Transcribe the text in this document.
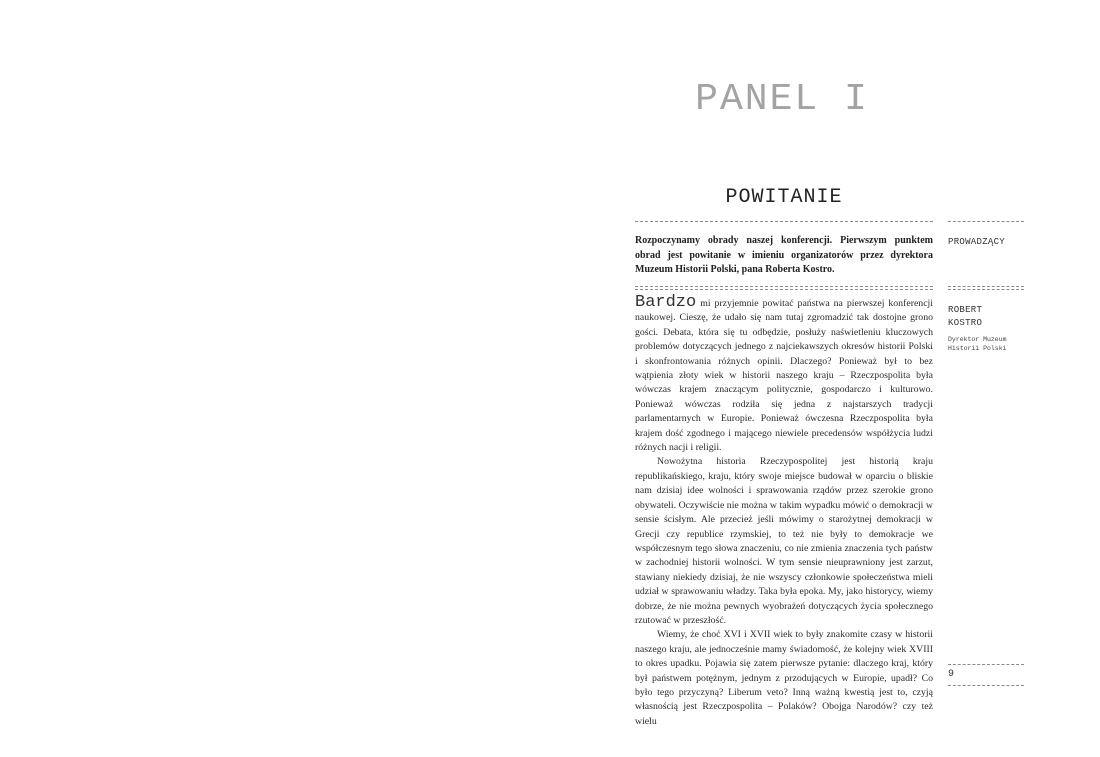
PANEL I
POWITANIE
Rozpoczynamy obrady naszej konferencji. Pierwszym punktem obrad jest powitanie w imieniu organizatorów przez dyrektora Muzeum Historii Polski, pana Roberta Kostro.
PROWADZĄCY
ROBERT
KOSTRO
Dyrektor Muzeum Historii Polski

Bardzo mi przyjemnie powitać państwa na pierwszej konferencji naukowej. Cieszę, że udało się nam tutaj zgromadzić tak dostojne grono gości. Debata, która się tu odbędzie, posłuży naświetleniu kluczowych problemów dotyczących jednego z najciekawszych okresów historii Polski i skonfrontowania różnych opinii. Dlaczego? Ponieważ był to bez wątpienia złoty wiek w historii naszego kraju – Rzeczpospolita była wówczas krajem znaczącym politycznie, gospodarczo i kulturowo. Ponieważ wówczas rodziła się jedna z najstarszych tradycji parlamentarnych w Europie. Ponieważ ówczesna Rzeczpospolita była krajem dość zgodnego i mającego niewiele precedensów współżycia ludzi różnych nacji i religii.

Nowożytna historia Rzeczypospolitej jest historią kraju republikańskiego, kraju, który swoje miejsce budował w oparciu o bliskie nam dzisiaj idee wolności i sprawowania rządów przez szerokie grono obywateli. Oczywiście nie można w takim wypadku mówić o demokracji w sensie ścisłym. Ale przecież jeśli mówimy o starożytnej demokracji w Grecji czy republice rzymskiej, to też nie były to demokracje we współczesnym tego słowa znaczeniu, co nie zmienia znaczenia tych państw w zachodniej historii wolności. W tym sensie nieuprawniony jest zarzut, stawiany niekiedy dzisiaj, że nie wszyscy członkowie społeczeństwa mieli udział w sprawowaniu władzy. Taka była epoka. My, jako historycy, wiemy dobrze, że nie można pewnych wyobrażeń dotyczących życia społecznego rzutować w przeszłość.

Wiemy, że choć XVI i XVII wiek to były znakomite czasy w historii naszego kraju, ale jednocześnie mamy świadomość, że kolejny wiek XVIII to okres upadku. Pojawia się zatem pierwsze pytanie: dlaczego kraj, który był państwem potężnym, jednym z przodujących w Europie, upadł? Co było tego przyczyną? Liberum veto? Inną ważną kwestią jest to, czyją własnością jest Rzeczpospolita – Polaków? Obojga Narodów? czy też wielu

9
